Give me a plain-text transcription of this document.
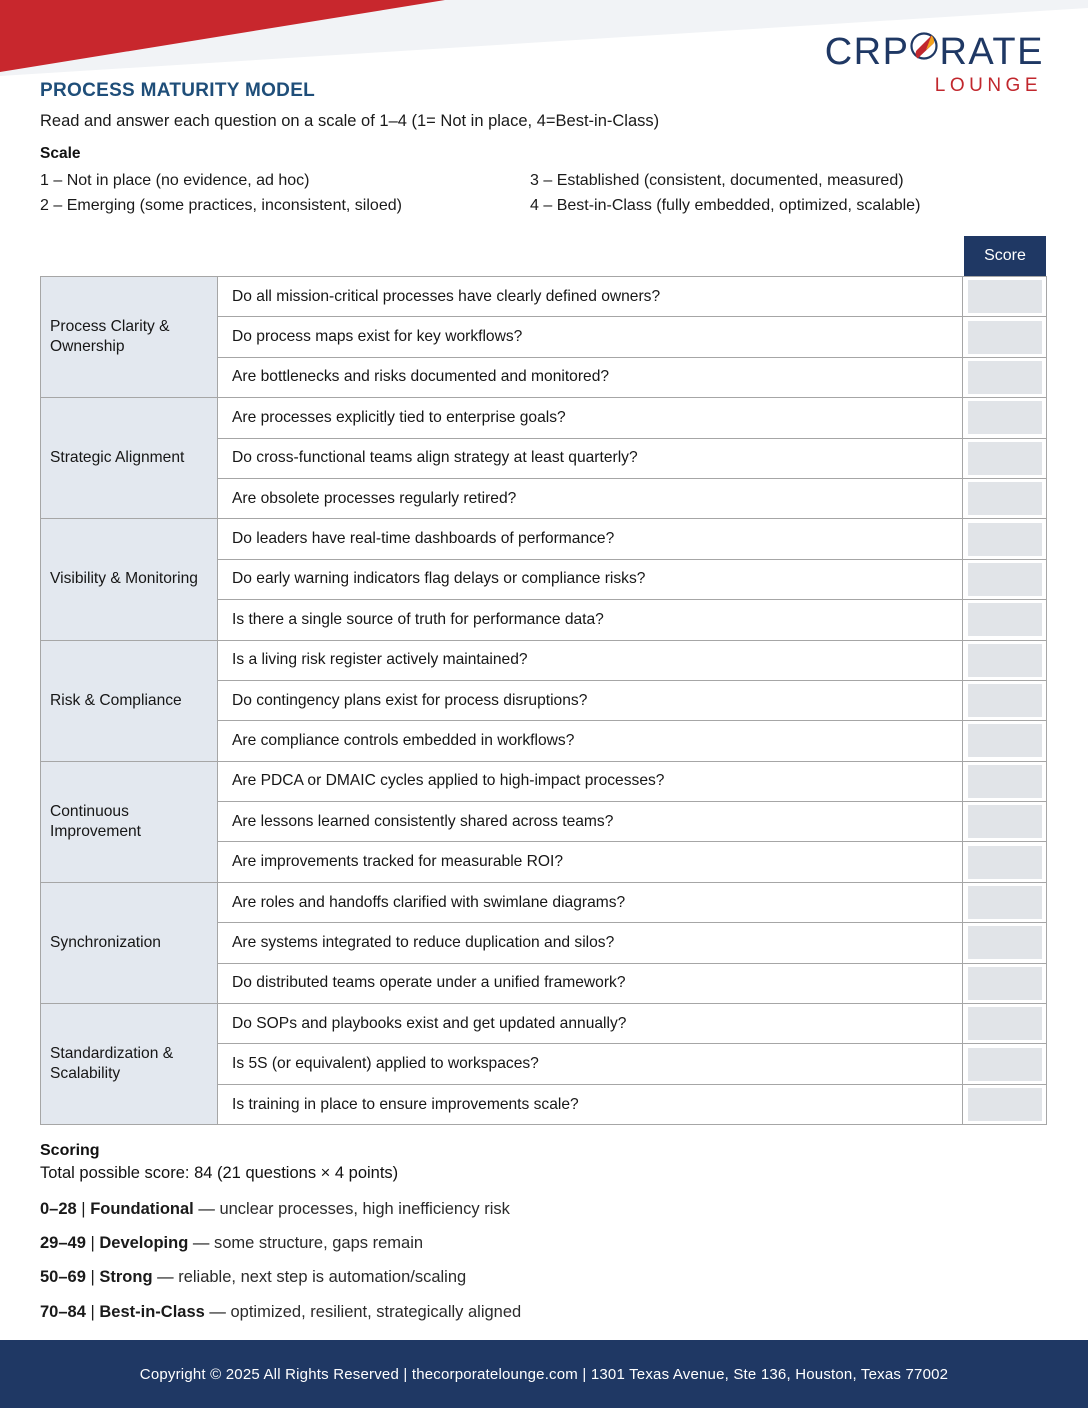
C RP RATE
LOUNGE
PROCESS MATURITY MODEL
Read and answer each question on a scale of 1–4 (1= Not in place, 4=Best-in-Class)
Scale
1 – Not in place (no evidence, ad hoc)	3 – Established (consistent, documented, measured)
2 – Emerging (some practices, inconsistent, siloed)	4 – Best-in-Class (fully embedded, optimized, scalable)
Score
Process Clarity & Ownership	Do all mission-critical processes have clearly defined owners?	

	Do process maps exist for key workflows?	

	Are bottlenecks and risks documented and monitored?	

Strategic Alignment	Are processes explicitly tied to enterprise goals?	

	Do cross-functional teams align strategy at least quarterly?	

	Are obsolete processes regularly retired?	

Visibility & Monitoring	Do leaders have real-time dashboards of performance?	

	Do early warning indicators flag delays or compliance risks?	

	Is there a single source of truth for performance data?	

Risk & Compliance	Is a living risk register actively maintained?	

	Do contingency plans exist for process disruptions?	

	Are compliance controls embedded in workflows?	

Continuous Improvement	Are PDCA or DMAIC cycles applied to high-impact processes?	

	Are lessons learned consistently shared across teams?	

	Are improvements tracked for measurable ROI?	

Synchronization	Are roles and handoffs clarified with swimlane diagrams?	

	Are systems integrated to reduce duplication and silos?	

	Do distributed teams operate under a unified framework?	

Standardization & Scalability	Do SOPs and playbooks exist and get updated annually?	

	Is 5S (or equivalent) applied to workspaces?	

	Is training in place to ensure improvements scale?	
Scoring
Total possible score: 84 (21 questions × 4 points)
0–28 | Foundational — unclear processes, high inefficiency risk
29–49 | Developing — some structure, gaps remain
50–69 | Strong — reliable, next step is automation/scaling
70–84 | Best-in-Class — optimized, resilient, strategically aligned
Copyright © 2025 All Rights Reserved | thecorporatelounge.com | 1301 Texas Avenue, Ste 136, Houston, Texas 77002
